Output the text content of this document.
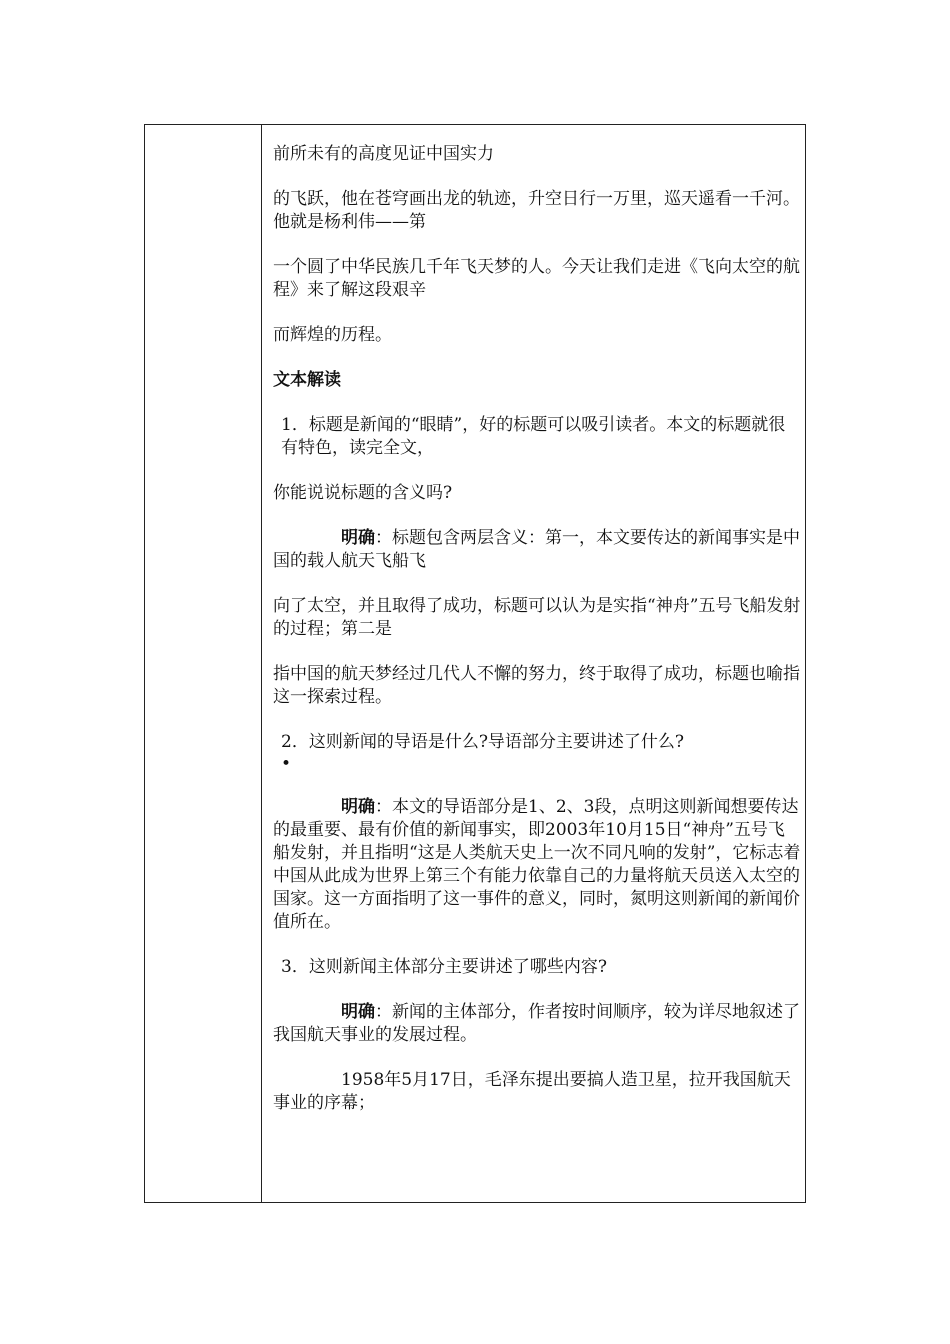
前所未有的高度见证中国实力

的飞跃，他在苍穹画出龙的轨迹，升空日行一万里，巡天遥看一千河。他就是杨利伟——第

一个圆了中华民族几千年飞天梦的人。今天让我们走进《飞向太空的航程》来了解这段艰辛

而辉煌的历程。

文本解读

1．标题是新闻的“眼睛”，好的标题可以吸引读者。本文的标题就很有特色，读完全文，

你能说说标题的含义吗?

明确：标题包含两层含义：第一，本文要传达的新闻事实是中国的载人航天飞船飞

向了太空，并且取得了成功，标题可以认为是实指“神舟”五号飞船发射的过程；第二是

指中国的航天梦经过几代人不懈的努力，终于取得了成功，标题也喻指这一探索过程。

2．这则新闻的导语是什么?导语部分主要讲述了什么?

•

明确：本文的导语部分是1、2、3段，点明这则新闻想要传达的最重要、最有价值的新闻事实，即2003年10月15日“神舟”五号飞船发射，并且指明“这是人类航天史上一次不同凡响的发射”，它标志着中国从此成为世界上第三个有能力依靠自己的力量将航天员送入太空的国家。这一方面指明了这一事件的意义，同时，氮明这则新闻的新闻价值所在。

3．这则新闻主体部分主要讲述了哪些内容?

明确：新闻的主体部分，作者按时间顺序，较为详尽地叙述了我国航天事业的发展过程。

1958年5月17日，毛泽东提出要搞人造卫星，拉开我国航天事业的序幕；
